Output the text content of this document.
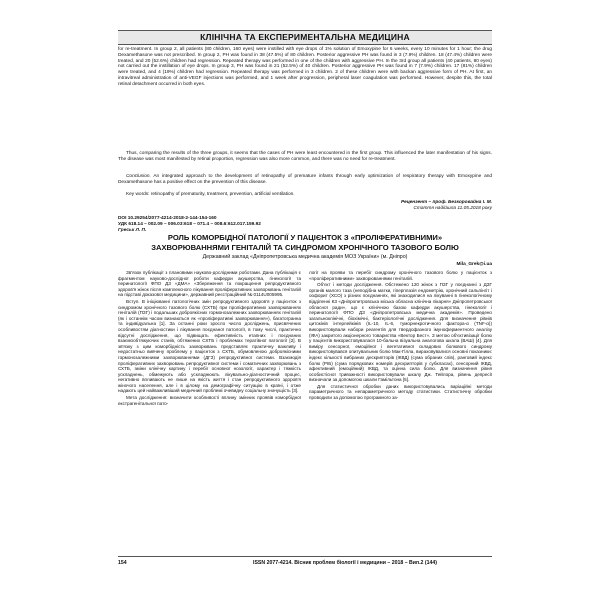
КЛІНІЧНА ТА ЕКСПЕРИМЕНТАЛЬНА МЕДИЦИНА
for re-treatment. In group 2, all patients (80 children, 160 eyes) were instilled with eye drops of 1% solution of Emoxypine for 6 weeks, every 10 minutes for 1 hour; the drug Dexamethasone was not prescribed. In group 2, PH was found in 38 (47.5%) of 80 children. Posterior aggressive PH was found in 3 (7.9%) children. 18 (47.4%) children were treated, and 20 (52.6%) children had regression. Repeated therapy was performed in one of the children with aggressive PH. In the 3rd group all patients (40 patients, 80 eyes) not carried out the instillation of eye drops. In group 3, PH was found in 21 (52.5%) of 40 children. Posterior aggressive PH was found in 7 (7.9%) children. 17 (81%) children were treated, and 4 (19%) children had regression. Repeated therapy was performed in 3 children. 2 of these children were with backan aggressive form of PH. At first, an intravitreal administration of anti-VEGF injections was performed, and 1 week after progression, peripheral laser coagulation was performed. However, despite this, the total retinal detachment occurred in both eyes.
Thus, comparing the results of the three groups, it seems that the cases of PH were least encountered in the first group. This influenced the later manifestation of his signs. The disease was most manifested by retinal proportion, regression was also more common, and there was no need for re-treatment.
Conclusion. An integrated approach to the development of retinopathy of premature infants through early optimization of respiratory therapy with Emoxypine and Dexamethasone has a positive effect on the prevention of this disease.
Key words: retinopathy of prematurity, treatment, prevention, artificial ventilation.
Рецензент – проф. Безкоровайна І. М.
Стаття надійшла 11.05.2018 року
DOI 10.29254/2077-4214-2018-2-144-154-160
УДК 618.14 – 002.09 – 006.03:618 – 071.4 – 008.6:612.017.159.92
Греськ Л. П.
РОЛЬ КОМОРБІДНОЇ ПАТОЛОГІЇ У ПАЦІЄНТОК З «ПРОЛІФЕРАТИВНИМИ»
ЗАХВОРЮВАННЯМИ ГЕНІТАЛІЙ ТА СИНДРОМОМ ХРОНІЧНОГО ТАЗОВОГО БОЛЮ
Державний заклад «Дніпропетровська медична академія МОЗ України» (м. Дніпро)
Mila_Grek@i.ua

Зв'язок публікації з плановими науково-дослідними роботами. Дана публікація є фрагментом науково-дослідної роботи кафедри акушерства, гінекології та перинатології ФПО ДЗ «ДМА» «Збереження та покращення репродуктивного здоров'я жінок після комплексного лікування проліферативних захворювань геніталій на підставі доказової медицини», державний реєстраційний № 0114U005995.

Вступ. В ініціюванні патологічних змін репродуктивного здоров'я у пацієнток з синдромом хронічного тазового болю (СХТБ) при проліферативних захворюваннях геніталій (ПЗГ) і подальших доброякісних гормонозалежних захворюваннях геніталій (як і останнім часом визнаються як «проліферативні захворювання»), багатогранна та індивідуальна [1]. За останні роки зросло число досліджень, присвячених особливостям діагностики і лікування поєднаної патології, в тому числі, практично відсутні дослідження, що підвищать ефективність етапних і поєднаних взаємообтяжуючих станів, обтяжених СХТБ і проблемах тератівної патології [2]. В зв'язку з цим коморбідність захворювань представляє практичну важливу і недостатньо вивчену проблему у пацієнток з СХТБ, обумовленою доброякісними гормонозалежними захворюваннями (ДГЗ) репродуктивної системи. Взаємодія проліферативних захворювань репродуктивної системи і соматичних захворювань з СХТБ, зміни клінічну картину і перебіг основної нозології, характер і тяжкість ускладнень, обмежують або ускладнюють лікувально-діагностичний процес, негативно впливають не лише на якість життя і стан репродуктивного здоров'я жіночого населення, але і в цілому на демографічну ситуацію в країні, і отже надають цей найважливіший медичний проблемі очевидну соціальну значущість [3].

Мета дослідження: визначити особливості вплину змінних проявів коморбідної екстрагенітальної пато-

логії на прояви та перебіг синдрому хронічного тазового болю у пацієнток з «проліферативними» захворюваннями геніталій.

Об'єкт і методи дослідження. Обстежено 120 жінок з ПЗГ у поєднанні з ДЗГ органів малого таза (неподібна матки, гіперплазія ендометрію, хронічний сальпінгіт і оофорит (ХСО) з різних поєднаннях, які знаходилися на лікуванні в гінекологічному відділенні КЗ «Дніпропетровська міська обласна клінічна лікарня» Дніпропетровської обласної ради», що є клінічною базою кафедри акушерства, гінекології і перинатології ФПО ДЗ «Дніпропетровська медична академія». Проведено загальноклінічні, біохімічні, бактеріологічні дослідження. Для визначення рівнів цитокінів інтерлейкінів (IL-10, IL-6, туморнекротичного фактора-α (TNF-α)) використовували набори реагентів для твердофазного імуноферментного аналізу (ІФА) закритого акціонерного товариства «Вектор Бест». З метою об'єктивізації болю у пацієнтів використовувалася 10-бальна візуальна аналогова шкала (ВАШ) [4]. Для виміру сенсорної, емоційної і вегетативної складових болювого синдрому використовувався опитувальник болю Мак-Гілла, вираховувалися основні показники: індекс кількості вибраних дескрипторів (ІКВД) (сума обраних слів), ранговий індекс болю (РІБ) (сума порядкових номерів дескрипторів у субкласах), сенсорний ІКВД, афективний (емоційний) ІКВД, та оцінна сила болю. Для визначення рівня особистісної тривожності використовували шкалу Дж. Тейлора, рівень депресії визначали за допомогою шкали Гамільтона [5].

Для статистичної обробки даних використовувались варіаційні методи параметричного та непараметричного методу статистики. Статистичну обробки проводили за допомогою програмного за-

154	ISSN 2077-4214. Вісник проблем біології і медицини – 2018 – Вип.2 (144)
